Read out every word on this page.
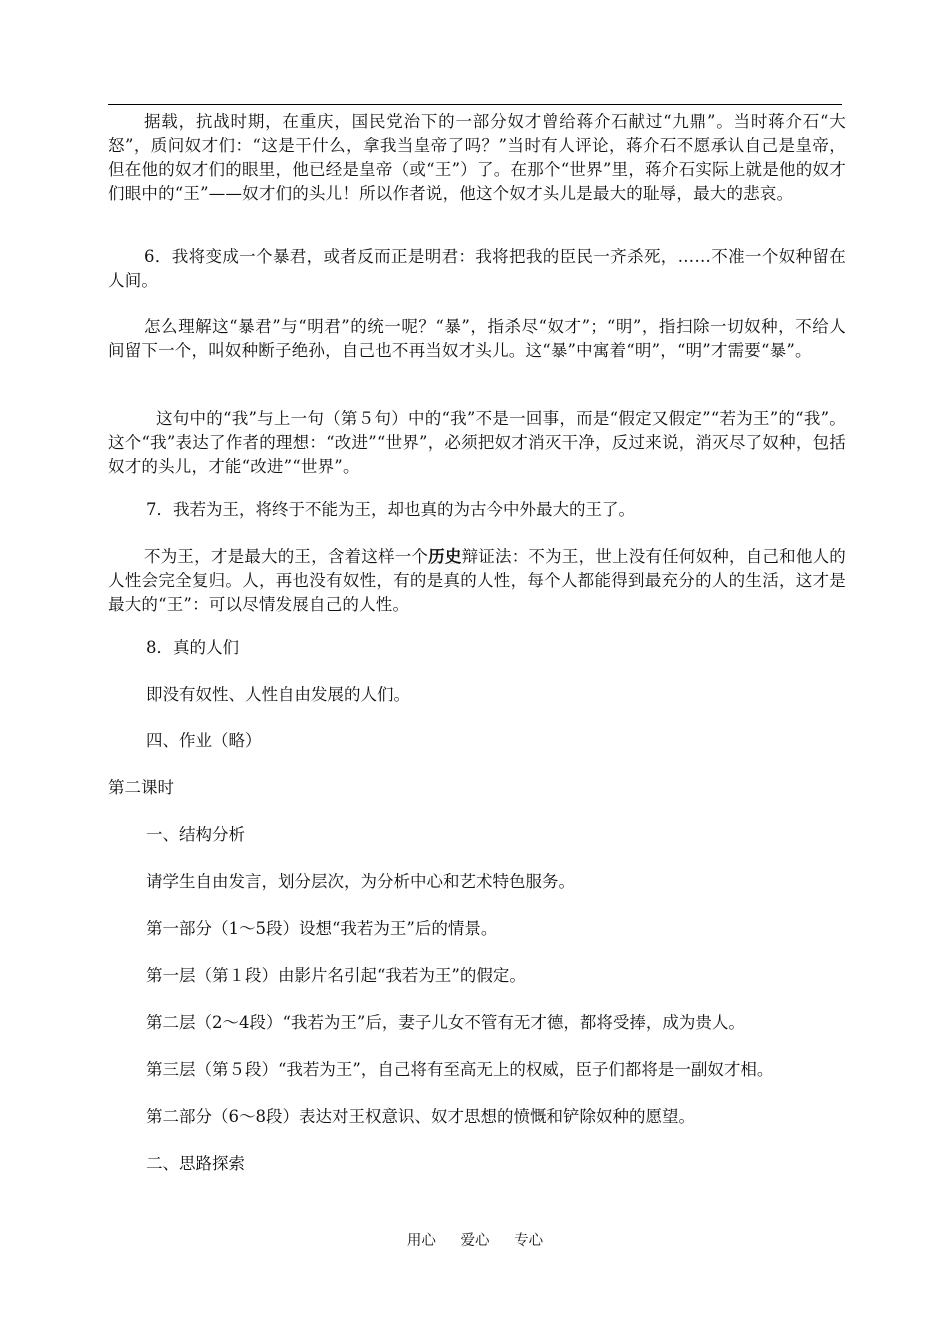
据载，抗战时期，在重庆，国民党治下的一部分奴才曾给蒋介石献过“九鼎”。当时蒋介石“大怒”，质问奴才们：“这是干什么，拿我当皇帝了吗？”当时有人评论，蒋介石不愿承认自己是皇帝，但在他的奴才们的眼里，他已经是皇帝（或“王”）了。在那个“世界”里，蒋介石实际上就是他的奴才们眼中的“王”——奴才们的头儿！所以作者说，他这个奴才头儿是最大的耻辱，最大的悲哀。

6．我将变成一个暴君，或者反而正是明君：我将把我的臣民一齐杀死，……不准一个奴种留在人间。

怎么理解这“暴君”与“明君”的统一呢？“暴”，指杀尽“奴才”；“明”，指扫除一切奴种，不给人间留下一个，叫奴种断子绝孙，自己也不再当奴才头儿。这“暴”中寓着“明”，“明”才需要“暴”。

这句中的“我”与上一句（第５句）中的“我”不是一回事，而是“假定又假定”“若为王”的“我”。这个“我”表达了作者的理想：“改进”“世界”，必须把奴才消灭干净，反过来说，消灭尽了奴种，包括奴才的头儿，才能“改进”“世界”。

7．我若为王，将终于不能为王，却也真的为古今中外最大的王了。

不为王，才是最大的王，含着这样一个历史辩证法：不为王，世上没有任何奴种，自己和他人的人性会完全复归。人，再也没有奴性，有的是真的人性，每个人都能得到最充分的人的生活，这才是最大的“王”：可以尽情发展自己的人性。

8．真的人们

即没有奴性、人性自由发展的人们。

四、作业（略）

第二课时

一、结构分析

请学生自由发言，划分层次，为分析中心和艺术特色服务。

第一部分（1～5段）设想“我若为王”后的情景。

第一层（第１段）由影片名引起“我若为王”的假定。

第二层（2～4段）“我若为王”后，妻子儿女不管有无才德，都将受捧，成为贵人。

第三层（第５段）“我若为王”，自己将有至高无上的权威，臣子们都将是一副奴才相。

第二部分（6～8段）表达对王权意识、奴才思想的愤慨和铲除奴种的愿望。

二、思路探索

用心 爱心 专心
